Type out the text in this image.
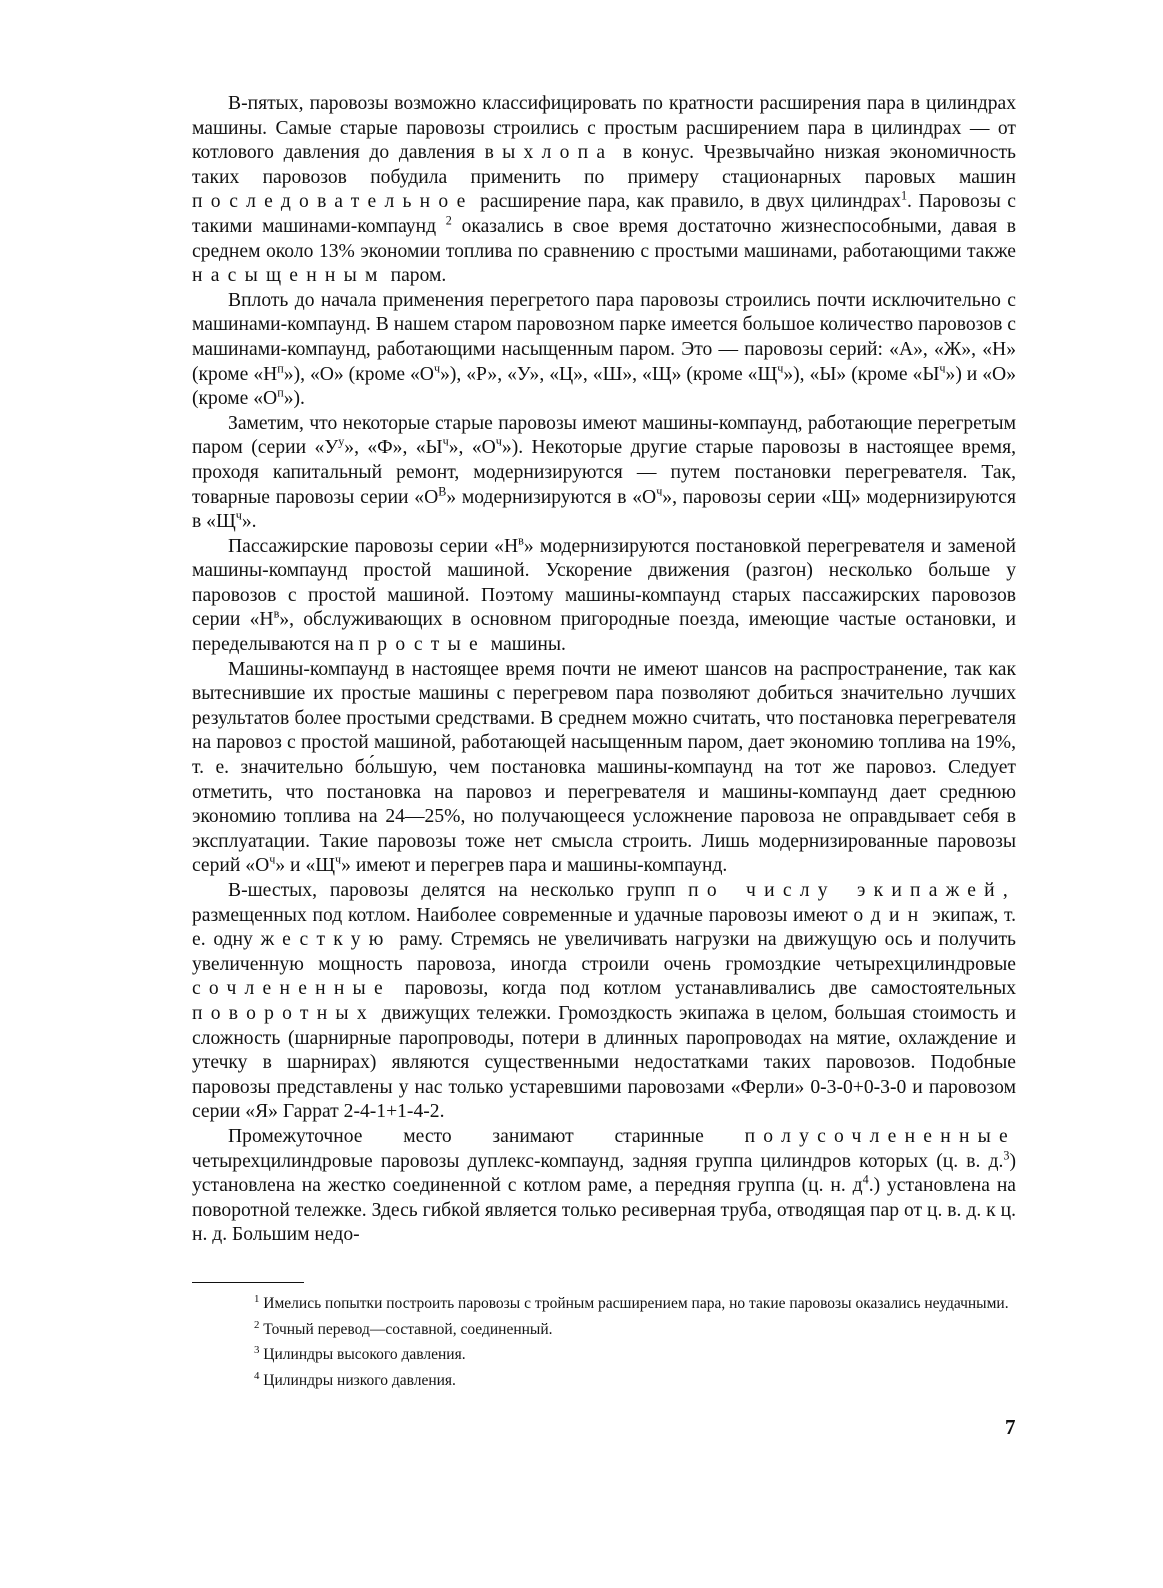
В-пятых, паровозы возможно классифицировать по кратности расширения пара в цилиндрах машины. Самые старые паровозы строились с простым расширением пара в цилиндрах — от котлового давления до давления выхлопа в конус. Чрезвычайно низкая экономичность таких паровозов побудила применить по примеру стационарных паровых машин последовательное расширение пара, как правило, в двух цилиндрах$^1$. Паровозы с такими машинами-компаунд $^2$ оказались в свое время достаточно жизнеспособными, давая в среднем около 13% экономии топлива по сравнению с простыми машинами, работающими также насыщенным паром.

Вплоть до начала применения перегретого пара паровозы строились почти исключительно с машинами-компаунд. В нашем старом паровозном парке имеется большое количество паровозов с машинами-компаунд, работающими насыщенным паром. Это — паровозы серий: «А», «Ж», «Н» (кроме «$Н^п$»), «О» (кроме «$О^ч$»), «Р», «У», «Ц», «Ш», «Щ» (кроме «$Щ^ч$»), «Ы» (кроме «$Ы^ч$») и «О» (кроме «$О^п$»).

Заметим, что некоторые старые паровозы имеют машины-компаунд, работающие перегретым паром (серии «$У^у$», «Ф», «$Ы^ч$», «$О^ч$»). Некоторые другие старые паровозы в настоящее время, проходя капитальный ремонт, модернизируются — путем постановки перегревателя. Так, товарные паровозы серии «$О^В$» модернизируются в «$О^ч$», паровозы серии «Щ» модернизируются в «$Щ^ч$».

Пассажирские паровозы серии «$Н^в$» модернизируются постановкой перегревателя и заменой машины-компаунд простой машиной. Ускорение движения (разгон) несколько больше у паровозов с простой машиной. Поэтому машины-компаунд старых пассажирских паровозов серии «$Н^в$», обслуживающих в основном пригородные поезда, имеющие частые остановки, и переделываются на простые машины.

Машины-компаунд в настоящее время почти не имеют шансов на распространение, так как вытеснившие их простые машины с перегревом пара позволяют добиться значительно лучших результатов более простыми средствами. В среднем можно считать, что постановка перегревателя на паровоз с простой машиной, работающей насыщенным паром, дает экономию топлива на 19%, т. е. значительно бо́льшую, чем постановка машины-компаунд на тот же паровоз. Следует отметить, что постановка на паровоз и перегревателя и машины-компаунд дает среднюю экономию топлива на 24—25%, но получающееся усложнение паровоза не оправдывает себя в эксплуатации. Такие паровозы тоже нет смысла строить. Лишь модернизированные паровозы серий «$О^ч$» и «$Щ^ч$» имеют и перегрев пара и машины-компаунд.

В-шестых, паровозы делятся на несколько групп по числу экипажей, размещенных под котлом. Наиболее современные и удачные паровозы имеют один экипаж, т. е. одну жесткую раму. Стремясь не увеличивать нагрузки на движущую ось и получить увеличенную мощность паровоза, иногда строили очень громоздкие четырехцилиндровые сочлененные паровозы, когда под котлом устанавливались две самостоятельных поворотных движущих тележки. Громоздкость экипажа в целом, большая стоимость и сложность (шарнирные паропроводы, потери в длинных паропроводах на мятие, охлаждение и утечку в шарнирах) являются существенными недостатками таких паровозов. Подобные паровозы представлены у нас только устаревшими паровозами «Ферли» 0-3-0+0-3-0 и паровозом серии «Я» Гаррат 2-4-1+1-4-2.

Промежуточное место занимают старинные полусочлененные четырехцилиндровые паровозы дуплекс-компаунд, задняя группа цилиндров которых (ц. в. д.$^3$) установлена на жестко соединенной с котлом раме, а передняя группа (ц. н. $д^4$.) установлена на поворотной тележке. Здесь гибкой является только ресиверная труба, отводящая пар от ц. в. д. к ц. н. д. Большим недо-

$^1$ Имелись попытки построить паровозы с тройным расширением пара, но такие паровозы оказались неудачными.

$^2$ Точный перевод—составной, соединенный.

$^3$ Цилиндры высокого давления.

$^4$ Цилиндры низкого давления.

7
